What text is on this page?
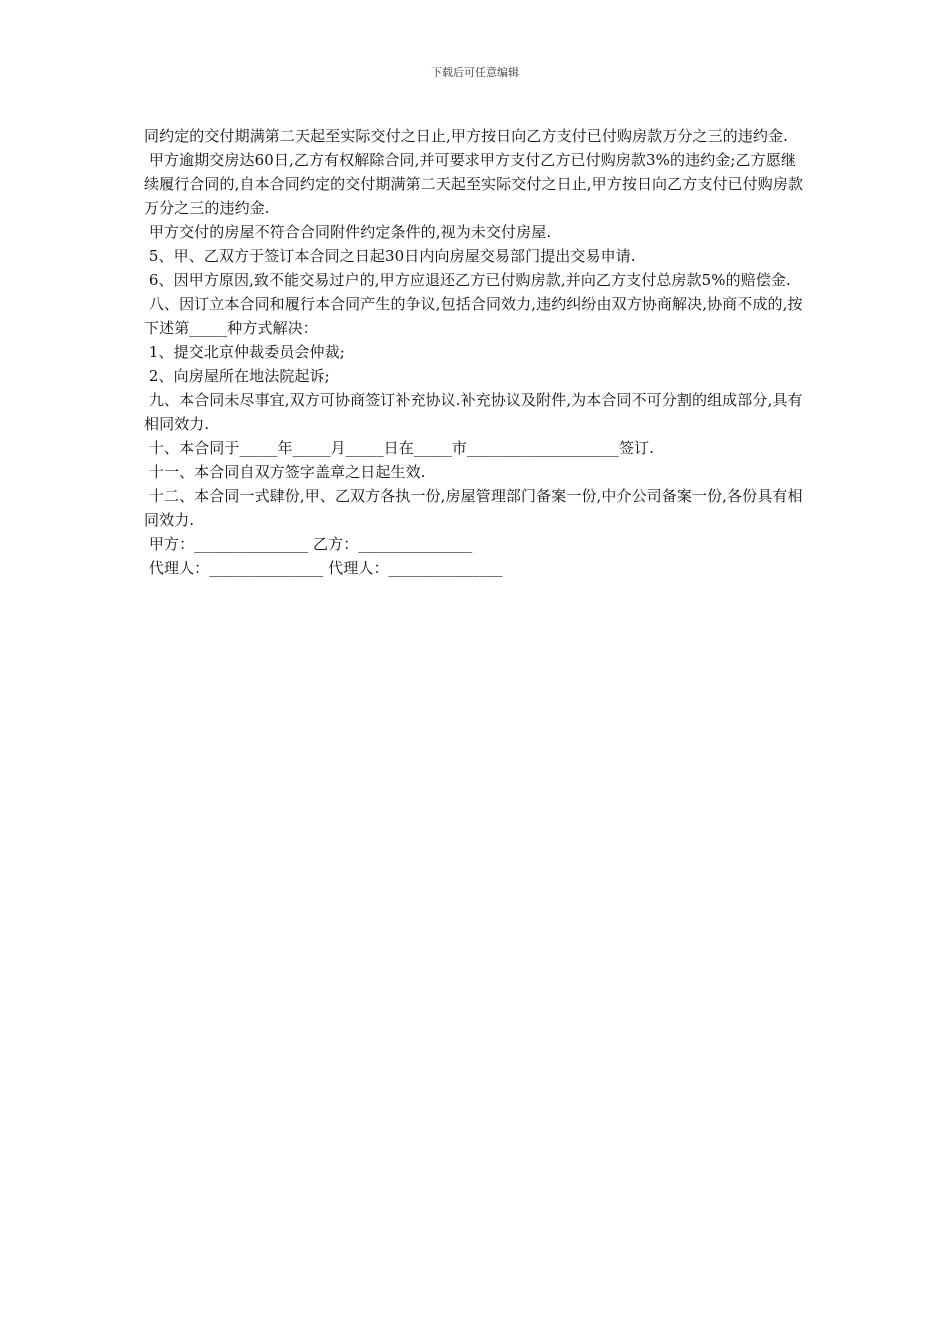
下载后可任意编辑

同约定的交付期满第二天起至实际交付之日止,甲方按日向乙方支付已付购房款万分之三的违约金.

甲方逾期交房达60日,乙方有权解除合同,并可要求甲方支付乙方已付购房款3%的违约金;乙方愿继续履行合同的,自本合同约定的交付期满第二天起至实际交付之日止,甲方按日向乙方支付已付购房款万分之三的违约金.

甲方交付的房屋不符合合同附件约定条件的,视为未交付房屋.

5、甲、乙双方于签订本合同之日起30日内向房屋交易部门提出交易申请.

6、因甲方原因,致不能交易过户的,甲方应退还乙方已付购房款,并向乙方支付总房款5%的赔偿金.

八、因订立本合同和履行本合同产生的争议,包括合同效力,违约纠纷由双方协商解决,协商不成的,按下述第_____种方式解决：

1、提交北京仲裁委员会仲裁;

2、向房屋所在地法院起诉;

九、本合同未尽事宜,双方可协商签订补充协议.补充协议及附件,为本合同不可分割的组成部分,具有相同效力.

十、本合同于_____年_____月_____日在_____市____________________签订.

十一、本合同自双方签字盖章之日起生效.

十二、本合同一式肆份,甲、乙双方各执一份,房屋管理部门备案一份,中介公司备案一份,各份具有相同效力.

甲方：_______________ 乙方：_______________

代理人：_______________ 代理人：_______________
